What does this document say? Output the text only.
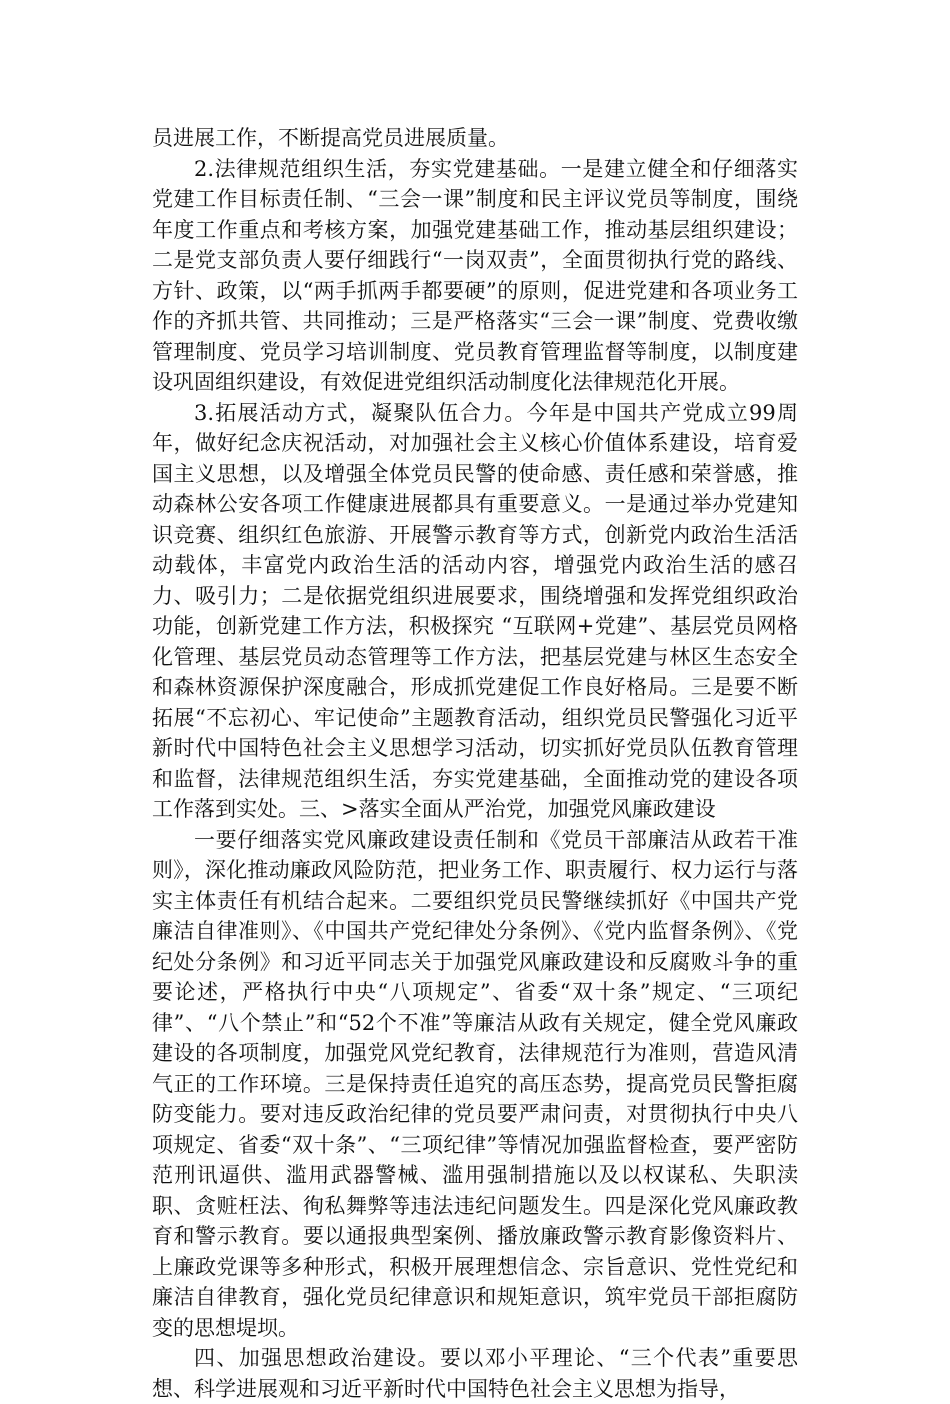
员进展工作，不断提高党员进展质量。

2.法律规范组织生活，夯实党建基础。一是建立健全和仔细落实党建工作目标责任制、“三会一课”制度和民主评议党员等制度，围绕年度工作重点和考核方案，加强党建基础工作，推动基层组织建设；二是党支部负责人要仔细践行“一岗双责”，全面贯彻执行党的路线、方针、政策，以“两手抓两手都要硬”的原则，促进党建和各项业务工作的齐抓共管、共同推动；三是严格落实“三会一课”制度、党费收缴管理制度、党员学习培训制度、党员教育管理监督等制度，以制度建设巩固组织建设，有效促进党组织活动制度化法律规范化开展。

3.拓展活动方式，凝聚队伍合力。今年是中国共产党成立99周年，做好纪念庆祝活动，对加强社会主义核心价值体系建设，培育爱国主义思想，以及增强全体党员民警的使命感、责任感和荣誉感，推动森林公安各项工作健康进展都具有重要意义。一是通过举办党建知识竞赛、组织红色旅游、开展警示教育等方式，创新党内政治生活活动载体，丰富党内政治生活的活动内容，增强党内政治生活的感召力、吸引力；二是依据党组织进展要求，围绕增强和发挥党组织政治功能，创新党建工作方法，积极探究 “互联网+党建”、基层党员网格化管理、基层党员动态管理等工作方法，把基层党建与林区生态安全和森林资源保护深度融合，形成抓党建促工作良好格局。三是要不断拓展“不忘初心、牢记使命”主题教育活动，组织党员民警强化习近平新时代中国特色社会主义思想学习活动，切实抓好党员队伍教育管理和监督，法律规范组织生活，夯实党建基础，全面推动党的建设各项工作落到实处。三、>落实全面从严治党，加强党风廉政建设

一要仔细落实党风廉政建设责任制和《党员干部廉洁从政若干准则》，深化推动廉政风险防范，把业务工作、职责履行、权力运行与落实主体责任有机结合起来。二要组织党员民警继续抓好《中国共产党廉洁自律准则》、《中国共产党纪律处分条例》、《党内监督条例》、《党纪处分条例》和习近平同志关于加强党风廉政建设和反腐败斗争的重要论述，严格执行中央“八项规定”、省委“双十条”规定、“三项纪律”、“八个禁止”和“52个不准”等廉洁从政有关规定，健全党风廉政建设的各项制度，加强党风党纪教育，法律规范行为准则，营造风清气正的工作环境。三是保持责任追究的高压态势，提高党员民警拒腐防变能力。要对违反政治纪律的党员要严肃问责，对贯彻执行中央八项规定、省委“双十条”、“三项纪律”等情况加强监督检查，要严密防范刑讯逼供、滥用武器警械、滥用强制措施以及以权谋私、失职渎职、贪赃枉法、徇私舞弊等违法违纪问题发生。四是深化党风廉政教育和警示教育。要以通报典型案例、播放廉政警示教育影像资料片、上廉政党课等多种形式，积极开展理想信念、宗旨意识、党性党纪和廉洁自律教育，强化党员纪律意识和规矩意识，筑牢党员干部拒腐防变的思想堤坝。

四、加强思想政治建设。要以邓小平理论、“三个代表”重要思想、科学进展观和习近平新时代中国特色社会主义思想为指导，
